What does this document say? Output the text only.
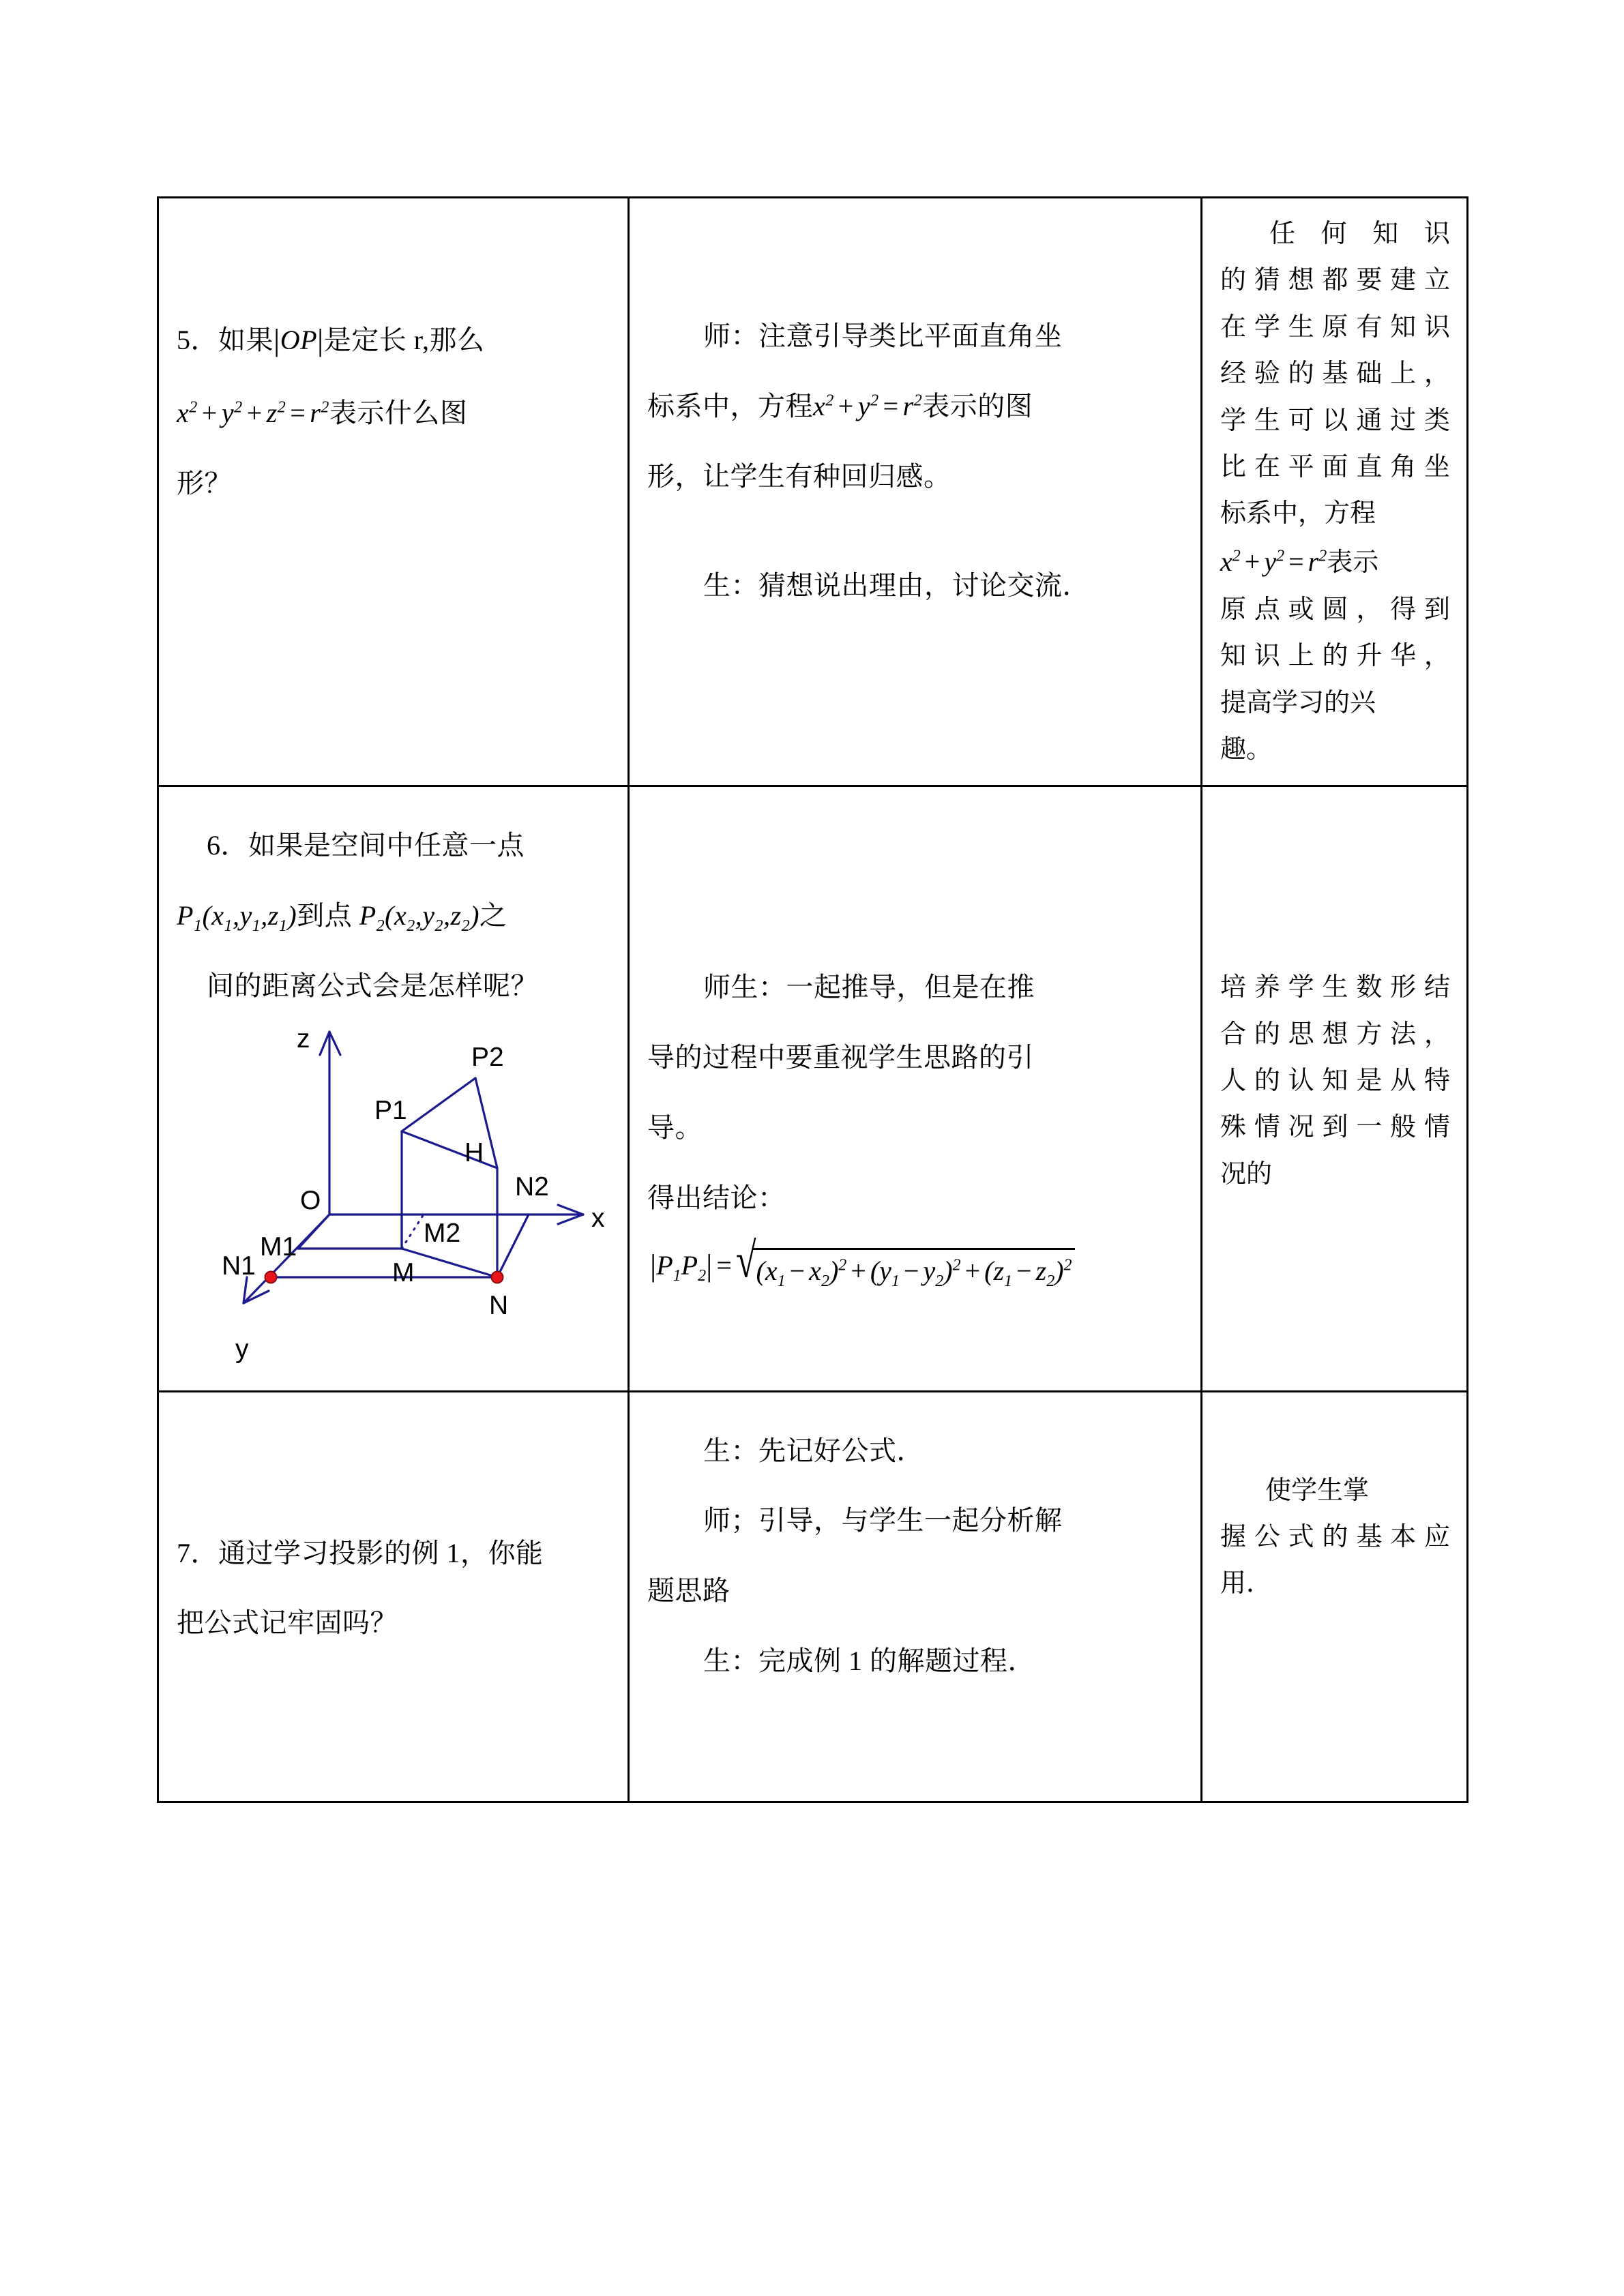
5．如果|OP|是定长 r,那么
$x^2 + y^2 + z^2 = r^2$表示什么图
形？

师：注意引导类比平面直角坐
标系中，方程$x^2 + y^2 = r^2$表示的图
形，让学生有种回归感。
生：猜想说出理由，讨论交流．

任何知识
的猜想都要建立
在学生原有知识
经验的基础上，
学生可以通过类
比在平面直角坐
标系中，方程
$x^2 + y^2 = r^2$表示
原点或圆，得到
知识上的升华，
提高学习的兴
趣。

6．如果是空间中任意一点
$P_1(x_1,y_1,z_1)$到点 $P_2(x_2,y_2,z_2)$之
间的距离公式会是怎样呢？
z
x
y
P2
P1
H
N2
O
M1	M2
N1	M
N

师生：一起推导，但是在推
导的过程中要重视学生思路的引
导。
得出结论：
$|P_1P_2| = √(x_1 - x_2)^2 + (y_1 - y_2)^2 + (z_1 - z_2)^2$

培养学生数形结
合的思想方法，
人的认知是从特
殊情况到一般情
况的

7．通过学习投影的例 1，你能
把公式记牢固吗？

生：先记好公式．
师；引导，与学生一起分析解
题思路
生：完成例 1 的解题过程．

使学生掌
握公式的基本应
用．
